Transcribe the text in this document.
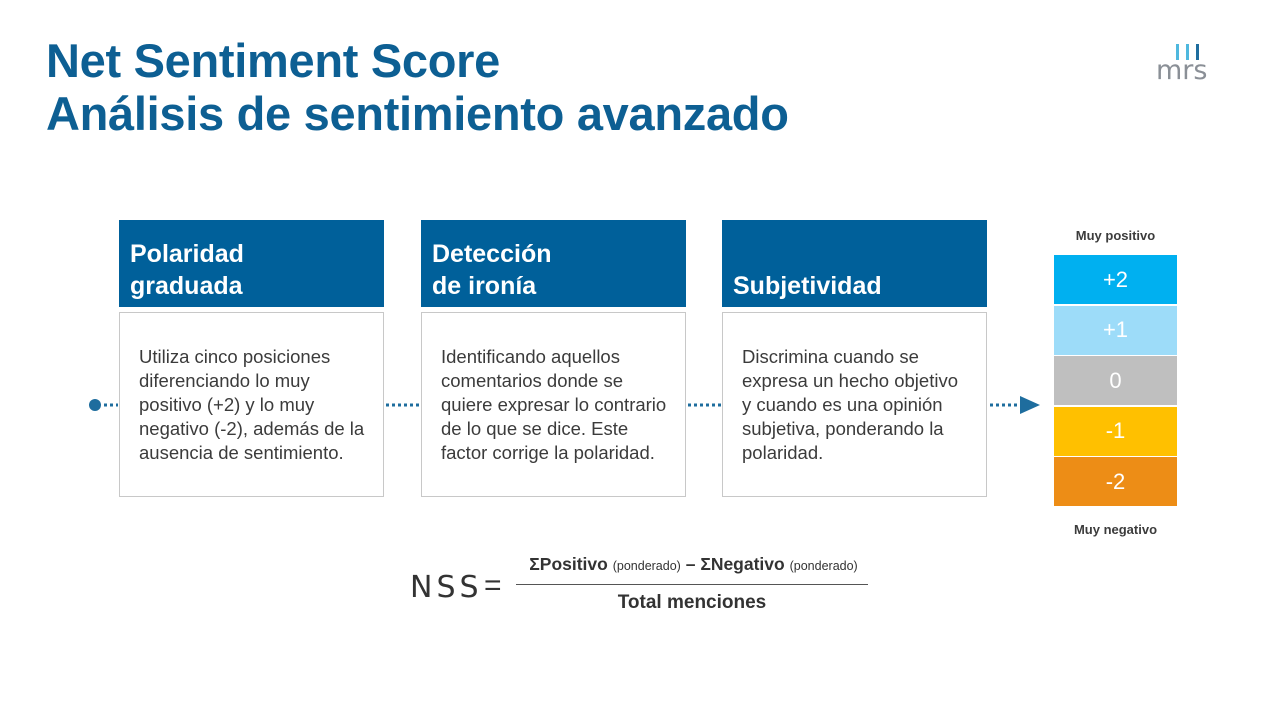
Net Sentiment Score
Análisis de sentimiento avanzado
mrs
Polaridad
graduada
Utiliza cinco posiciones diferenciando lo muy positivo (+2) y lo muy negativo (-2), además de la ausencia de sentimiento.
Detección
de ironía
Identificando aquellos comentarios donde se quiere expresar lo contrario de lo que se dice. Este factor corrige la polaridad.
Subjetividad
Discrimina cuando se expresa un hecho objetivo y cuando es una opinión subjetiva, ponderando la polaridad.
Muy positivo
+2
+1
0
-1
-2
Muy negativo
NSS =
ΣPositivo (ponderado) – ΣNegativo (ponderado)
Total menciones
